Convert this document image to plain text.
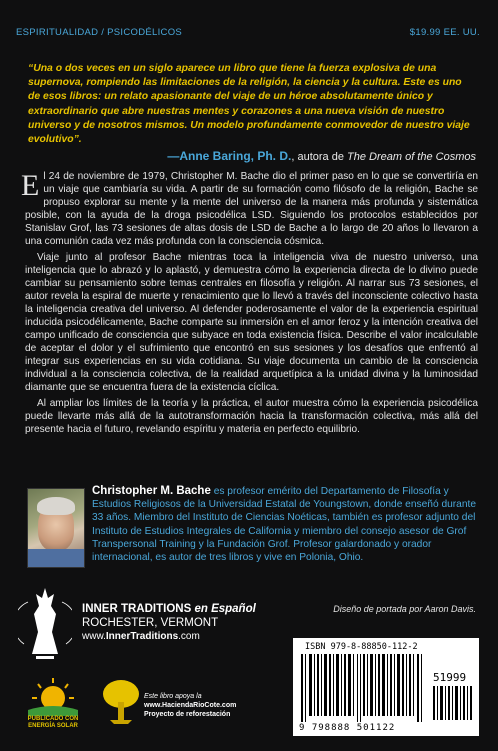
ESPIRITUALIDAD / PSICODÉLICOS	$19.99 EE. UU.
“Una o dos veces en un siglo aparece un libro que tiene la fuerza explosiva de una supernova, rompiendo las limitaciones de la religión, la ciencia y la cultura. Este es uno de esos libros: un relato apasionante del viaje de un héroe absolutamente único y extraordinario que abre nuestras mentes y corazones a una nueva visión de nuestro universo y de nosotros mismos. Un modelo profundamente conmovedor de nuestro viaje evolutivo”.
—Anne Baring, Ph. D., autora de The Dream of the Cosmos

El 24 de noviembre de 1979, Christopher M. Bache dio el primer paso en lo que se convertiría en un viaje que cambiaría su vida. A partir de su formación como filósofo de la religión, Bache se propuso explorar su mente y la mente del universo de la manera más profunda y sistemática posible, con la ayuda de la droga psicodélica LSD. Siguiendo los protocolos establecidos por Stanislav Grof, las 73 sesiones de altas dosis de LSD de Bache a lo largo de 20 años lo llevaron a una comunión cada vez más profunda con la consciencia cósmica.

Viaje junto al profesor Bache mientras toca la inteligencia viva de nuestro universo, una inteligencia que lo abrazó y lo aplastó, y demuestra cómo la experiencia directa de lo divino puede cambiar su pensamiento sobre temas centrales en filosofía y religión. Al narrar sus 73 sesiones, el autor revela la espiral de muerte y renacimiento que lo llevó a través del inconsciente colectivo hasta la inteligencia creativa del universo. Al defender poderosamente el valor de la experiencia espiritual inducida psicodélicamente, Bache comparte su inmersión en el amor feroz y la intención creativa del campo unificado de consciencia que subyace en toda existencia física. Describe el valor incalculable de aceptar el dolor y el sufrimiento que encontró en sus sesiones y los desafíos que enfrentó al integrar sus experiencias en su vida cotidiana. Su viaje documenta un cambio de la consciencia individual a la consciencia colectiva, de la realidad arquetípica a la unidad divina y la luminosidad diamante que se encuentra fuera de la existencia cíclica.

Al ampliar los límites de la teoría y la práctica, el autor muestra cómo la experiencia psicodélica puede llevarte más allá de la autotransformación hacia la transformación colectiva, más allá del presente hacia el futuro, revelando espíritu y materia en perfecto equilibrio.

Christopher M. Bache es profesor emérito del Departamento de Filosofía y Estudios Religiosos de la Universidad Estatal de Youngstown, donde enseñó durante 33 años. Miembro del Instituto de Ciencias Noéticas, también es profesor adjunto del Instituto de Estudios Integrales de California y miembro del consejo asesor de Grof Transpersonal Training y la Fundación Grof. Profesor galardonado y orador internacional, es autor de tres libros y vive en Polonia, Ohio.
INNER TRADITIONS en Español
ROCHESTER, VERMONT
www.InnerTraditions.com
Diseño de portada por Aaron Davis.
ISBN 979-8-88850-112-2
51999
9 798888 501122
PUBLICADO CON
ENERGÍA SOLAR
Este libro apoya la
www.HaciendaRioCote.com
Proyecto de reforestación
